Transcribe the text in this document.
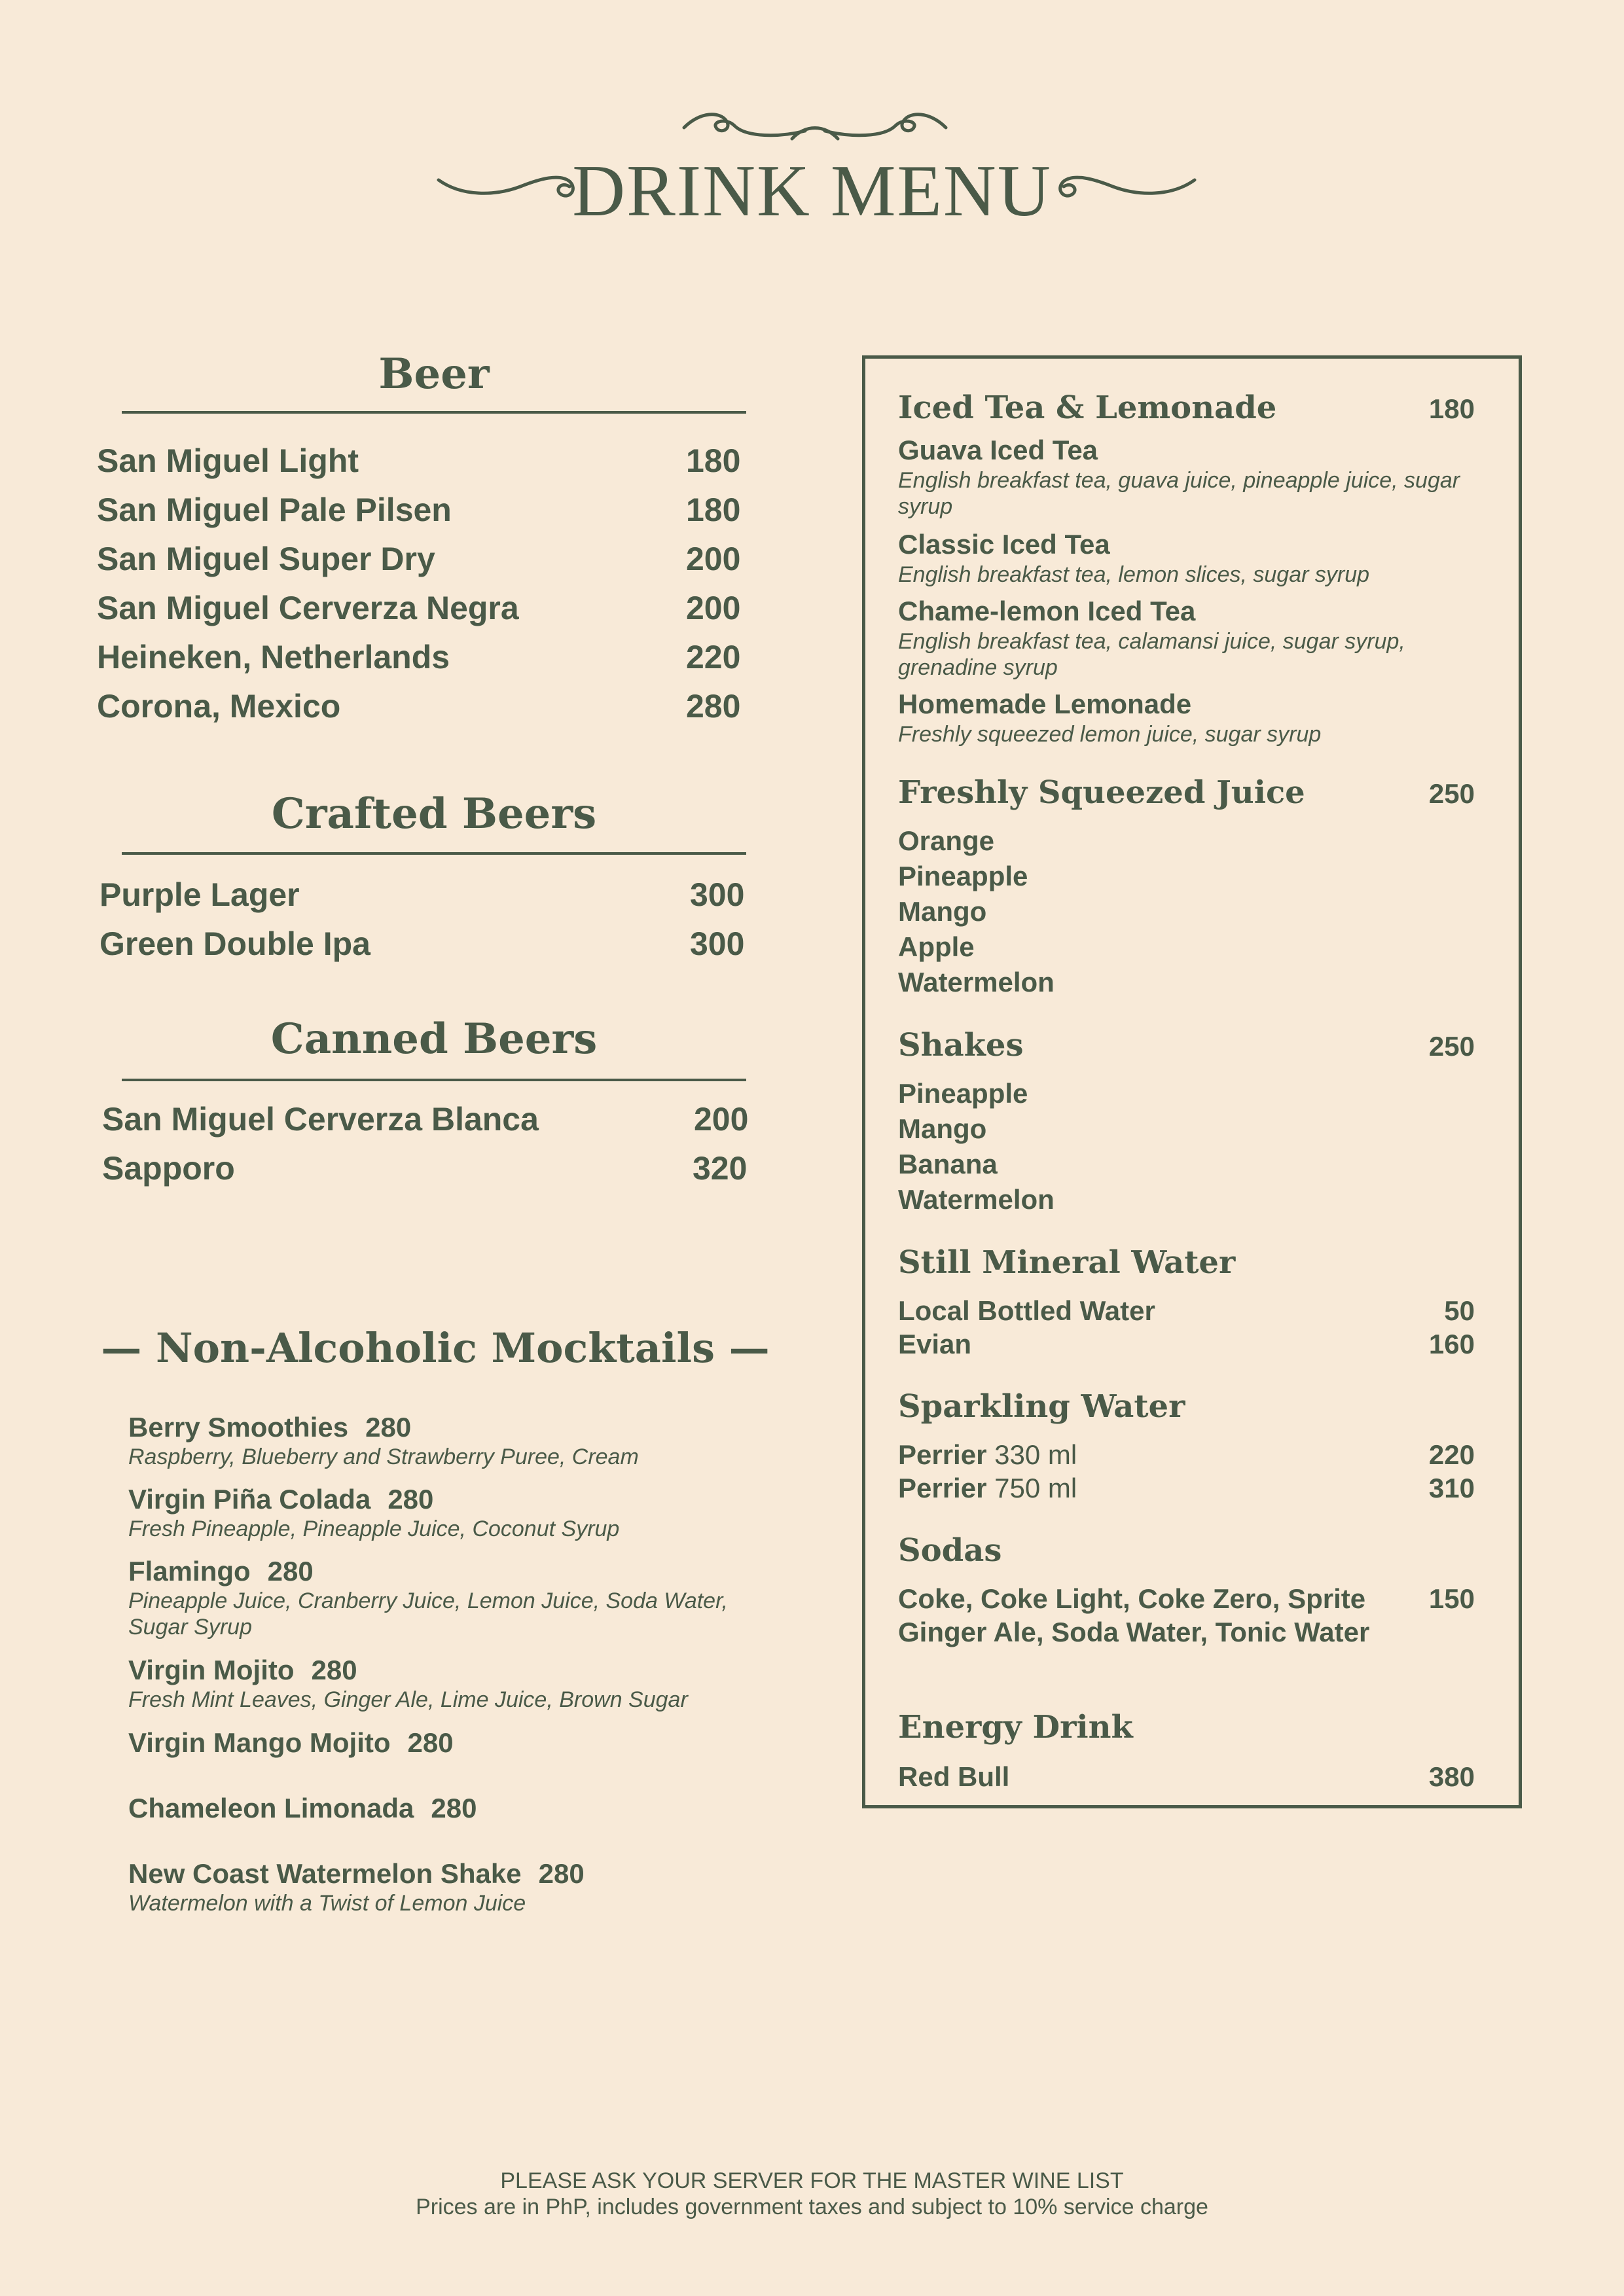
DRINK MENU
Beer
San Miguel Light	180
San Miguel Pale Pilsen	180
San Miguel Super Dry	200
San Miguel Cerverza Negra	200
Heineken, Netherlands	220
Corona, Mexico	280
Crafted Beers
Purple Lager	300
Green Double Ipa	300
Canned Beers
San Miguel Cerverza Blanca	200
Sapporo	320
— Non-Alcoholic Mocktails —
Berry Smoothies 280
Raspberry, Blueberry and Strawberry Puree, Cream
Virgin Piña Colada 280
Fresh Pineapple, Pineapple Juice, Coconut Syrup
Flamingo 280
Pineapple Juice, Cranberry Juice, Lemon Juice, Soda Water, Sugar Syrup
Virgin Mojito 280
Fresh Mint Leaves, Ginger Ale, Lime Juice, Brown Sugar
Virgin Mango Mojito 280
Chameleon Limonada 280
New Coast Watermelon Shake 280
Watermelon with a Twist of Lemon Juice
Iced Tea & Lemonade	180
Guava Iced Tea
English breakfast tea, guava juice, pineapple juice, sugar syrup
Classic Iced Tea
English breakfast tea, lemon slices, sugar syrup
Chame-lemon Iced Tea
English breakfast tea, calamansi juice, sugar syrup, grenadine syrup
Homemade Lemonade
Freshly squeezed lemon juice, sugar syrup
Freshly Squeezed Juice	250
Orange
Pineapple
Mango
Apple
Watermelon
Shakes	250
Pineapple
Mango
Banana
Watermelon
Still Mineral Water
Local Bottled Water	50
Evian	160
Sparkling Water
Perrier 330 ml	220
Perrier 750 ml	310
Sodas
Coke, Coke Light, Coke Zero, Sprite 150
Ginger Ale, Soda Water, Tonic Water
Energy Drink
Red Bull	380
PLEASE ASK YOUR SERVER FOR THE MASTER WINE LIST
Prices are in PhP, includes government taxes and subject to 10% service charge
